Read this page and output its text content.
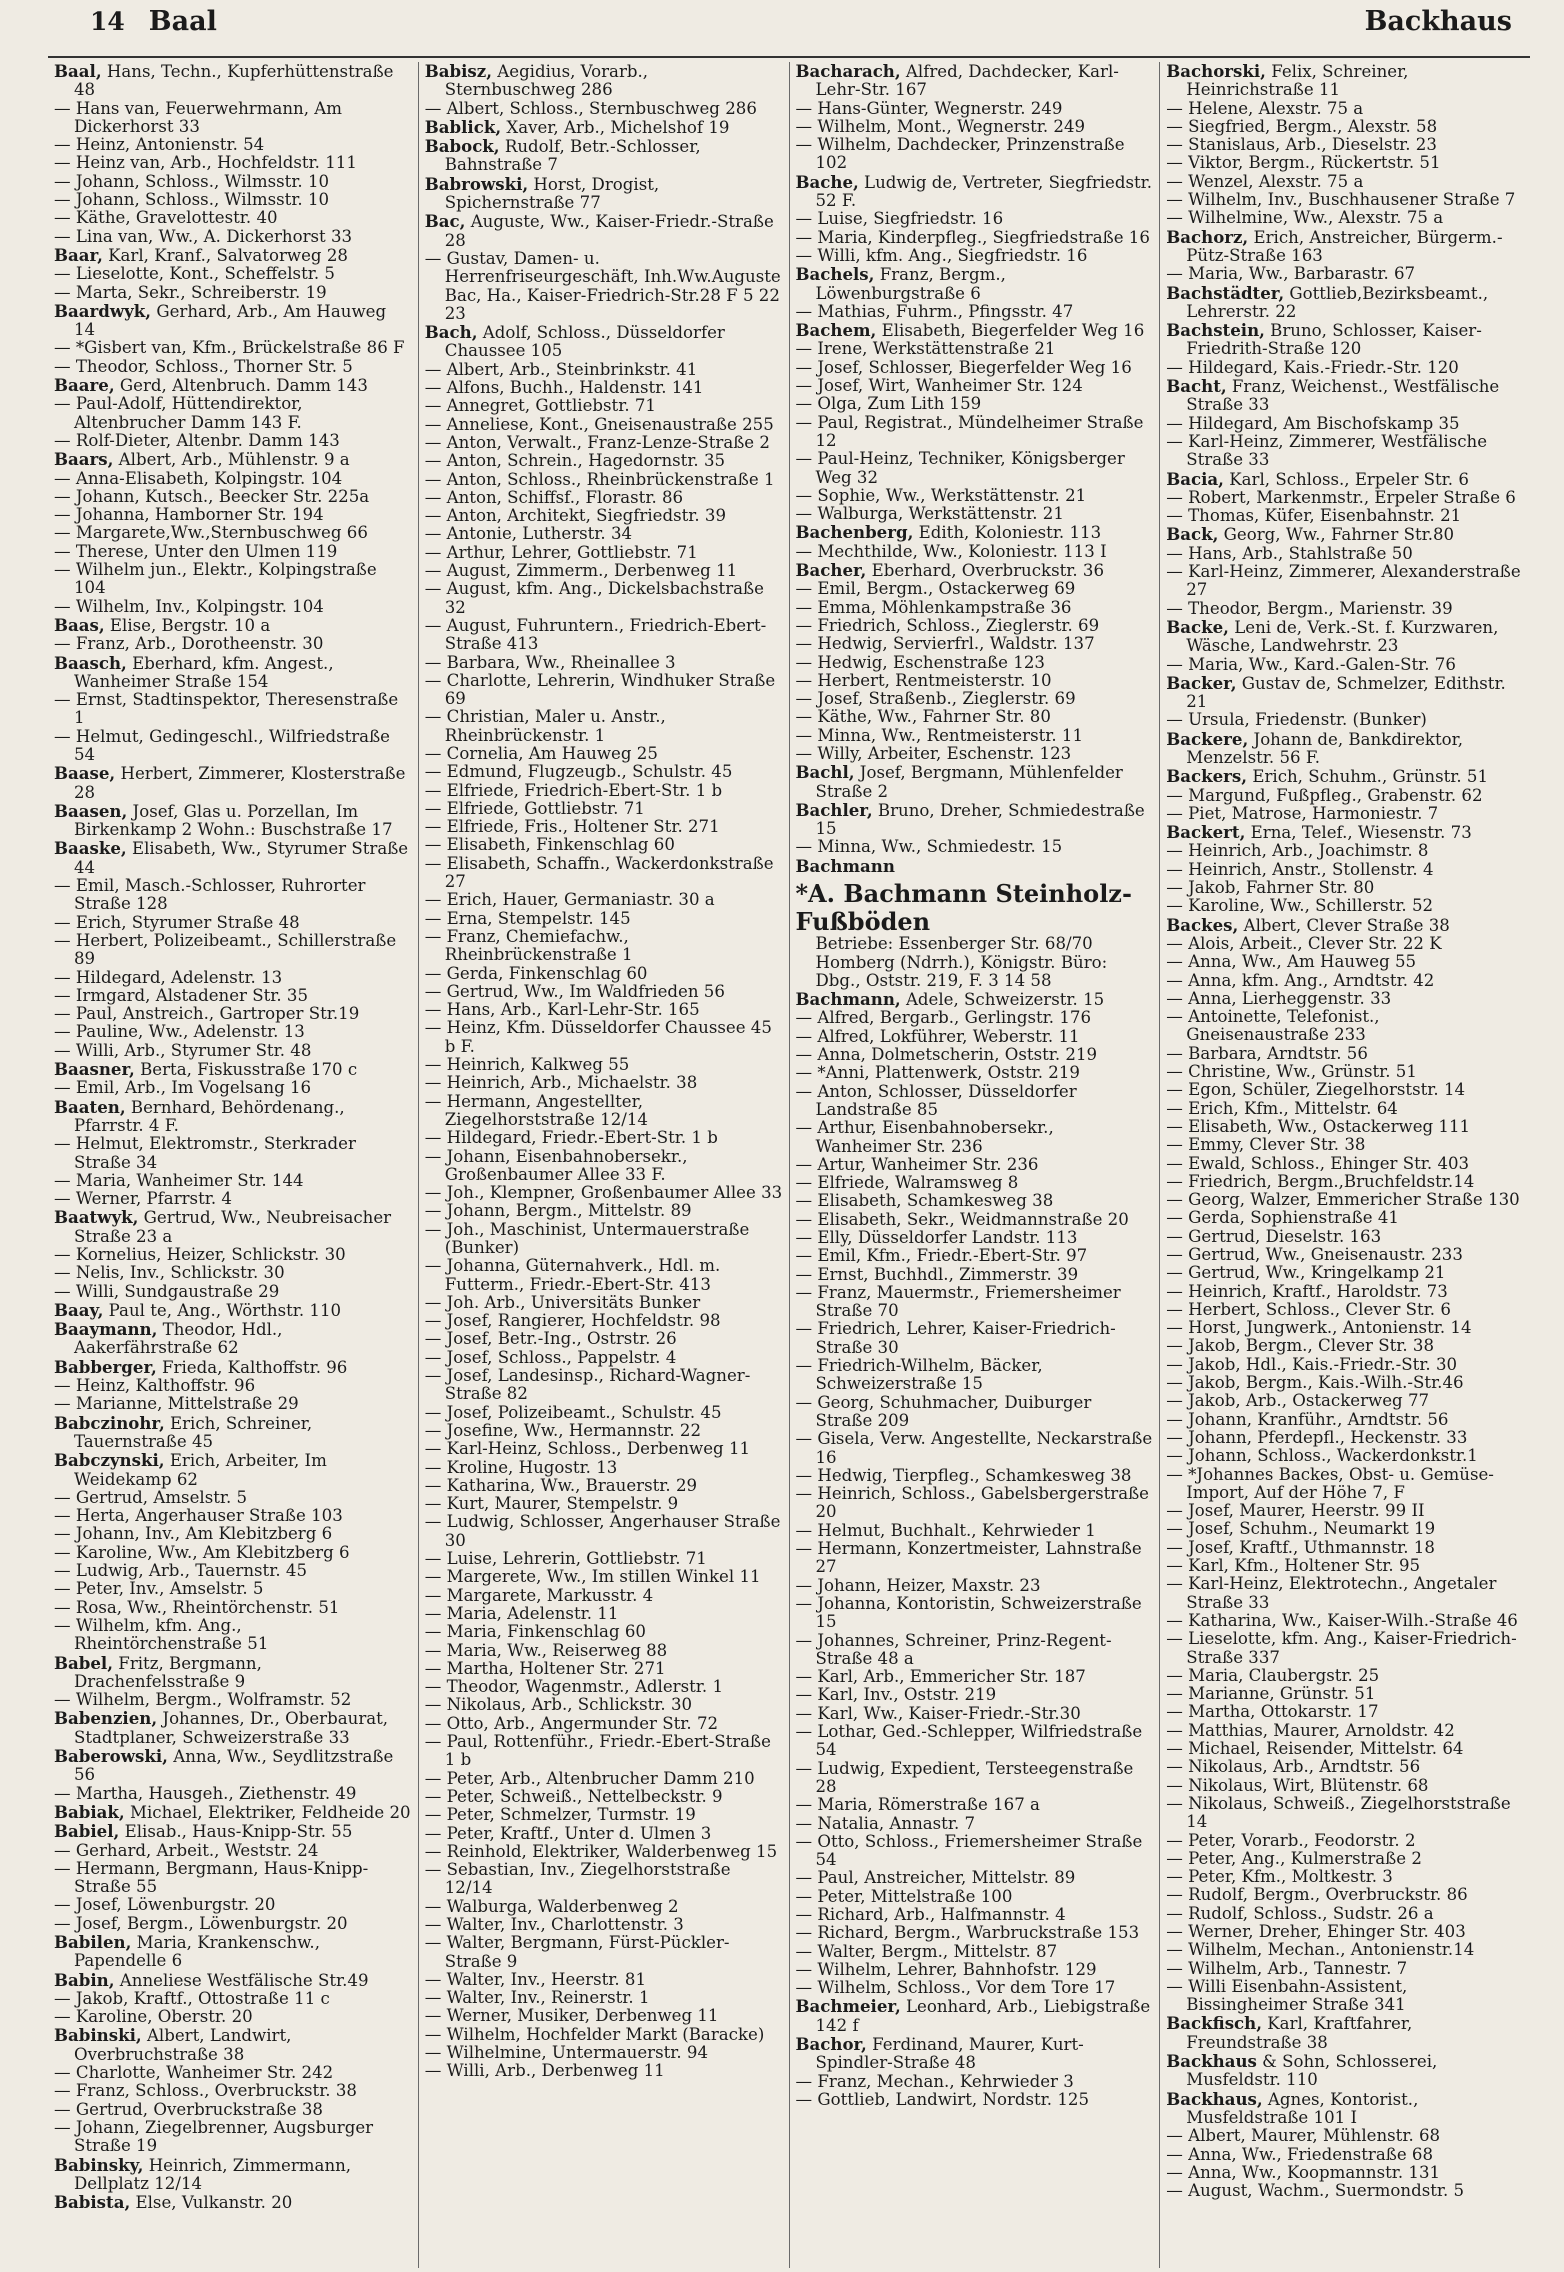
14 Baal	Backhaus

Baal, Hans, Techn., Kupferhüttenstraße 48

— Hans van, Feuerwehrmann, Am Dickerhorst 33

— Heinz, Antonienstr. 54

— Heinz van, Arb., Hochfeldstr. 111

— Johann, Schloss., Wilmsstr. 10

— Johann, Schloss., Wilmsstr. 10

— Käthe, Gravelottestr. 40

— Lina van, Ww., A. Dickerhorst 33

Baar, Karl, Kranf., Salvatorweg 28

— Lieselotte, Kont., Scheffelstr. 5

— Marta, Sekr., Schreiberstr. 19

Baardwyk, Gerhard, Arb., Am Hauweg 14

— *Gisbert van, Kfm., Brückelstraße 86 F

— Theodor, Schloss., Thorner Str. 5

Baare, Gerd, Altenbruch. Damm 143

— Paul-Adolf, Hüttendirektor, Altenbrucher Damm 143 F.

— Rolf-Dieter, Altenbr. Damm 143

Baars, Albert, Arb., Mühlenstr. 9 a

— Anna-Elisabeth, Kolpingstr. 104

— Johann, Kutsch., Beecker Str. 225a

— Johanna, Hamborner Str. 194

— Margarete,Ww.,Sternbuschweg 66

— Therese, Unter den Ulmen 119

— Wilhelm jun., Elektr., Kolpingstraße 104

— Wilhelm, Inv., Kolpingstr. 104

Baas, Elise, Bergstr. 10 a

— Franz, Arb., Dorotheenstr. 30

Baasch, Eberhard, kfm. Angest., Wanheimer Straße 154

— Ernst, Stadtinspektor, Theresenstraße 1

— Helmut, Gedingeschl., Wilfriedstraße 54

Baase, Herbert, Zimmerer, Klosterstraße 28

Baasen, Josef, Glas u. Porzellan, Im Birkenkamp 2 Wohn.: Buschstraße 17

Baaske, Elisabeth, Ww., Styrumer Straße 44

— Emil, Masch.-Schlosser, Ruhrorter Straße 128

— Erich, Styrumer Straße 48

— Herbert, Polizeibeamt., Schillerstraße 89

— Hildegard, Adelenstr. 13

— Irmgard, Alstadener Str. 35

— Paul, Anstreich., Gartroper Str.19

— Pauline, Ww., Adelenstr. 13

— Willi, Arb., Styrumer Str. 48

Baasner, Berta, Fiskusstraße 170 c

— Emil, Arb., Im Vogelsang 16

Baaten, Bernhard, Behördenang., Pfarrstr. 4 F.

— Helmut, Elektromstr., Sterkrader Straße 34

— Maria, Wanheimer Str. 144

— Werner, Pfarrstr. 4

Baatwyk, Gertrud, Ww., Neubreisacher Straße 23 a

— Kornelius, Heizer, Schlickstr. 30

— Nelis, Inv., Schlickstr. 30

— Willi, Sundgaustraße 29

Baay, Paul te, Ang., Wörthstr. 110

Baaymann, Theodor, Hdl., Aakerfährstraße 62

Babberger, Frieda, Kalthoffstr. 96

— Heinz, Kalthoffstr. 96

— Marianne, Mittelstraße 29

Babczinohr, Erich, Schreiner, Tauernstraße 45

Babczynski, Erich, Arbeiter, Im Weidekamp 62

— Gertrud, Amselstr. 5

— Herta, Angerhauser Straße 103

— Johann, Inv., Am Klebitzberg 6

— Karoline, Ww., Am Klebitzberg 6

— Ludwig, Arb., Tauernstr. 45

— Peter, Inv., Amselstr. 5

— Rosa, Ww., Rheintörchenstr. 51

— Wilhelm, kfm. Ang., Rheintörchenstraße 51

Babel, Fritz, Bergmann, Drachenfelsstraße 9

— Wilhelm, Bergm., Wolframstr. 52

Babenzien, Johannes, Dr., Oberbaurat, Stadtplaner, Schweizerstraße 33

Baberowski, Anna, Ww., Seydlitzstraße 56

— Martha, Hausgeh., Ziethenstr. 49

Babiak, Michael, Elektriker, Feldheide 20

Babiel, Elisab., Haus-Knipp-Str. 55

— Gerhard, Arbeit., Weststr. 24

— Hermann, Bergmann, Haus-Knipp-Straße 55

— Josef, Löwenburgstr. 20

— Josef, Bergm., Löwenburgstr. 20

Babilen, Maria, Krankenschw., Papendelle 6

Babin, Anneliese Westfälische Str.49

— Jakob, Kraftf., Ottostraße 11 c

— Karoline, Oberstr. 20

Babinski, Albert, Landwirt, Overbruchstraße 38

— Charlotte, Wanheimer Str. 242

— Franz, Schloss., Overbruckstr. 38

— Gertrud, Overbruckstraße 38

— Johann, Ziegelbrenner, Augsburger Straße 19

Babinsky, Heinrich, Zimmermann, Dellplatz 12/14

Babista, Else, Vulkanstr. 20

Babisz, Aegidius, Vorarb., Sternbuschweg 286

— Albert, Schloss., Sternbuschweg 286

Bablick, Xaver, Arb., Michelshof 19

Babock, Rudolf, Betr.-Schlosser, Bahnstraße 7

Babrowski, Horst, Drogist, Spichernstraße 77

Bac, Auguste, Ww., Kaiser-Friedr.-Straße 28

— Gustav, Damen- u. Herrenfriseurgeschäft, Inh.Ww.Auguste Bac, Ha., Kaiser-Friedrich-Str.28 F 5 22 23

Bach, Adolf, Schloss., Düsseldorfer Chaussee 105

— Albert, Arb., Steinbrinkstr. 41

— Alfons, Buchh., Haldenstr. 141

— Annegret, Gottliebstr. 71

— Anneliese, Kont., Gneisenaustraße 255

— Anton, Verwalt., Franz-Lenze-Straße 2

— Anton, Schrein., Hagedornstr. 35

— Anton, Schloss., Rheinbrückenstraße 1

— Anton, Schiffsf., Florastr. 86

— Anton, Architekt, Siegfriedstr. 39

— Antonie, Lutherstr. 34

— Arthur, Lehrer, Gottliebstr. 71

— August, Zimmerm., Derbenweg 11

— August, kfm. Ang., Dickelsbachstraße 32

— August, Fuhruntern., Friedrich-Ebert-Straße 413

— Barbara, Ww., Rheinallee 3

— Charlotte, Lehrerin, Windhuker Straße 69

— Christian, Maler u. Anstr., Rheinbrückenstr. 1

— Cornelia, Am Hauweg 25

— Edmund, Flugzeugb., Schulstr. 45

— Elfriede, Friedrich-Ebert-Str. 1 b

— Elfriede, Gottliebstr. 71

— Elfriede, Fris., Holtener Str. 271

— Elisabeth, Finkenschlag 60

— Elisabeth, Schaffn., Wackerdonkstraße 27

— Erich, Hauer, Germaniastr. 30 a

— Erna, Stempelstr. 145

— Franz, Chemiefachw., Rheinbrückenstraße 1

— Gerda, Finkenschlag 60

— Gertrud, Ww., Im Waldfrieden 56

— Hans, Arb., Karl-Lehr-Str. 165

— Heinz, Kfm. Düsseldorfer Chaussee 45 b F.

— Heinrich, Kalkweg 55

— Heinrich, Arb., Michaelstr. 38

— Hermann, Angestellter, Ziegelhorststraße 12/14

— Hildegard, Friedr.-Ebert-Str. 1 b

— Johann, Eisenbahnobersekr., Großenbaumer Allee 33 F.

— Joh., Klempner, Großenbaumer Allee 33

— Johann, Bergm., Mittelstr. 89

— Joh., Maschinist, Untermauerstraße (Bunker)

— Johanna, Güternahverk., Hdl. m. Futterm., Friedr.-Ebert-Str. 413

— Joh. Arb., Universitäts Bunker

— Josef, Rangierer, Hochfeldstr. 98

— Josef, Betr.-Ing., Ostrstr. 26

— Josef, Schloss., Pappelstr. 4

— Josef, Landesinsp., Richard-Wagner-Straße 82

— Josef, Polizeibeamt., Schulstr. 45

— Josefine, Ww., Hermannstr. 22

— Karl-Heinz, Schloss., Derbenweg 11

— Kroline, Hugostr. 13

— Katharina, Ww., Brauerstr. 29

— Kurt, Maurer, Stempelstr. 9

— Ludwig, Schlosser, Angerhauser Straße 30

— Luise, Lehrerin, Gottliebstr. 71

— Margerete, Ww., Im stillen Winkel 11

— Margarete, Markusstr. 4

— Maria, Adelenstr. 11

— Maria, Finkenschlag 60

— Maria, Ww., Reiserweg 88

— Martha, Holtener Str. 271

— Theodor, Wagenmstr., Adlerstr. 1

— Nikolaus, Arb., Schlickstr. 30

— Otto, Arb., Angermunder Str. 72

— Paul, Rottenführ., Friedr.-Ebert-Straße 1 b

— Peter, Arb., Altenbrucher Damm 210

— Peter, Schweiß., Nettelbeckstr. 9

— Peter, Schmelzer, Turmstr. 19

— Peter, Kraftf., Unter d. Ulmen 3

— Reinhold, Elektriker, Walderbenweg 15

— Sebastian, Inv., Ziegelhorststraße 12/14

— Walburga, Walderbenweg 2

— Walter, Inv., Charlottenstr. 3

— Walter, Bergmann, Fürst-Pückler-Straße 9

— Walter, Inv., Heerstr. 81

— Walter, Inv., Reinerstr. 1

— Werner, Musiker, Derbenweg 11

— Wilhelm, Hochfelder Markt (Baracke)

— Wilhelmine, Untermauerstr. 94

— Willi, Arb., Derbenweg 11

Bacharach, Alfred, Dachdecker, Karl-Lehr-Str. 167

— Hans-Günter, Wegnerstr. 249

— Wilhelm, Mont., Wegnerstr. 249

— Wilhelm, Dachdecker, Prinzenstraße 102

Bache, Ludwig de, Vertreter, Siegfriedstr. 52 F.

— Luise, Siegfriedstr. 16

— Maria, Kinderpfleg., Siegfriedstraße 16

— Willi, kfm. Ang., Siegfriedstr. 16

Bachels, Franz, Bergm., Löwenburgstraße 6

— Mathias, Fuhrm., Pfingsstr. 47

Bachem, Elisabeth, Biegerfelder Weg 16

— Irene, Werkstättenstraße 21

— Josef, Schlosser, Biegerfelder Weg 16

— Josef, Wirt, Wanheimer Str. 124

— Olga, Zum Lith 159

— Paul, Registrat., Mündelheimer Straße 12

— Paul-Heinz, Techniker, Königsberger Weg 32

— Sophie, Ww., Werkstättenstr. 21

— Walburga, Werkstättenstr. 21

Bachenberg, Edith, Koloniestr. 113

— Mechthilde, Ww., Koloniestr. 113 I

Bacher, Eberhard, Overbruckstr. 36

— Emil, Bergm., Ostackerweg 69

— Emma, Möhlenkampstraße 36

— Friedrich, Schloss., Zieglerstr. 69

— Hedwig, Servierfrl., Waldstr. 137

— Hedwig, Eschenstraße 123

— Herbert, Rentmeisterstr. 10

— Josef, Straßenb., Zieglerstr. 69

— Käthe, Ww., Fahrner Str. 80

— Minna, Ww., Rentmeisterstr. 11

— Willy, Arbeiter, Eschenstr. 123

Bachl, Josef, Bergmann, Mühlenfelder Straße 2

Bachler, Bruno, Dreher, Schmiedestraße 15

— Minna, Ww., Schmiedestr. 15

Bachmann

*A. Bachmann Steinholz-Fußböden
Betriebe: Essenberger Str. 68/70 Homberg (Ndrrh.), Königstr. Büro: Dbg., Oststr. 219, F. 3 14 58

Bachmann, Adele, Schweizerstr. 15

— Alfred, Bergarb., Gerlingstr. 176

— Alfred, Lokführer, Weberstr. 11

— Anna, Dolmetscherin, Oststr. 219

— *Anni, Plattenwerk, Oststr. 219

— Anton, Schlosser, Düsseldorfer Landstraße 85

— Arthur, Eisenbahnobersekr., Wanheimer Str. 236

— Artur, Wanheimer Str. 236

— Elfriede, Walramsweg 8

— Elisabeth, Schamkesweg 38

— Elisabeth, Sekr., Weidmannstraße 20

— Elly, Düsseldorfer Landstr. 113

— Emil, Kfm., Friedr.-Ebert-Str. 97

— Ernst, Buchhdl., Zimmerstr. 39

— Franz, Mauermstr., Friemersheimer Straße 70

— Friedrich, Lehrer, Kaiser-Friedrich-Straße 30

— Friedrich-Wilhelm, Bäcker, Schweizerstraße 15

— Georg, Schuhmacher, Duiburger Straße 209

— Gisela, Verw. Angestellte, Neckarstraße 16

— Hedwig, Tierpfleg., Schamkesweg 38

— Heinrich, Schloss., Gabelsbergerstraße 20

— Helmut, Buchhalt., Kehrwieder 1

— Hermann, Konzertmeister, Lahnstraße 27

— Johann, Heizer, Maxstr. 23

— Johanna, Kontoristin, Schweizerstraße 15

— Johannes, Schreiner, Prinz-Regent-Straße 48 a

— Karl, Arb., Emmericher Str. 187

— Karl, Inv., Oststr. 219

— Karl, Ww., Kaiser-Friedr.-Str.30

— Lothar, Ged.-Schlepper, Wilfriedstraße 54

— Ludwig, Expedient, Tersteegenstraße 28

— Maria, Römerstraße 167 a

— Natalia, Annastr. 7

— Otto, Schloss., Friemersheimer Straße 54

— Paul, Anstreicher, Mittelstr. 89

— Peter, Mittelstraße 100

— Richard, Arb., Halfmannstr. 4

— Richard, Bergm., Warbruckstraße 153

— Walter, Bergm., Mittelstr. 87

— Wilhelm, Lehrer, Bahnhofstr. 129

— Wilhelm, Schloss., Vor dem Tore 17

Bachmeier, Leonhard, Arb., Liebigstraße 142 f

Bachor, Ferdinand, Maurer, Kurt-Spindler-Straße 48

— Franz, Mechan., Kehrwieder 3

— Gottlieb, Landwirt, Nordstr. 125

Bachorski, Felix, Schreiner, Heinrichstraße 11

— Helene, Alexstr. 75 a

— Siegfried, Bergm., Alexstr. 58

— Stanislaus, Arb., Dieselstr. 23

— Viktor, Bergm., Rückertstr. 51

— Wenzel, Alexstr. 75 a

— Wilhelm, Inv., Buschhausener Straße 7

— Wilhelmine, Ww., Alexstr. 75 a

Bachorz, Erich, Anstreicher, Bürgerm.-Pütz-Straße 163

— Maria, Ww., Barbarastr. 67

Bachstädter, Gottlieb,Bezirksbeamt., Lehrerstr. 22

Bachstein, Bruno, Schlosser, Kaiser-Friedrith-Straße 120

— Hildegard, Kais.-Friedr.-Str. 120

Bacht, Franz, Weichenst., Westfälische Straße 33

— Hildegard, Am Bischofskamp 35

— Karl-Heinz, Zimmerer, Westfälische Straße 33

Bacia, Karl, Schloss., Erpeler Str. 6

— Robert, Markenmstr., Erpeler Straße 6

— Thomas, Küfer, Eisenbahnstr. 21

Back, Georg, Ww., Fahrner Str.80

— Hans, Arb., Stahlstraße 50

— Karl-Heinz, Zimmerer, Alexanderstraße 27

— Theodor, Bergm., Marienstr. 39

Backe, Leni de, Verk.-St. f. Kurzwaren, Wäsche, Landwehrstr. 23

— Maria, Ww., Kard.-Galen-Str. 76

Backer, Gustav de, Schmelzer, Edithstr. 21

— Ursula, Friedenstr. (Bunker)

Backere, Johann de, Bankdirektor, Menzelstr. 56 F.

Backers, Erich, Schuhm., Grünstr. 51

— Margund, Fußpfleg., Grabenstr. 62

— Piet, Matrose, Harmoniestr. 7

Backert, Erna, Telef., Wiesenstr. 73

— Heinrich, Arb., Joachimstr. 8

— Heinrich, Anstr., Stollenstr. 4

— Jakob, Fahrner Str. 80

— Karoline, Ww., Schillerstr. 52

Backes, Albert, Clever Straße 38

— Alois, Arbeit., Clever Str. 22 K

— Anna, Ww., Am Hauweg 55

— Anna, kfm. Ang., Arndtstr. 42

— Anna, Lierheggenstr. 33

— Antoinette, Telefonist., Gneisenaustraße 233

— Barbara, Arndtstr. 56

— Christine, Ww., Grünstr. 51

— Egon, Schüler, Ziegelhorststr. 14

— Erich, Kfm., Mittelstr. 64

— Elisabeth, Ww., Ostackerweg 111

— Emmy, Clever Str. 38

— Ewald, Schloss., Ehinger Str. 403

— Friedrich, Bergm.,Bruchfeldstr.14

— Georg, Walzer, Emmericher Straße 130

— Gerda, Sophienstraße 41

— Gertrud, Dieselstr. 163

— Gertrud, Ww., Gneisenaustr. 233

— Gertrud, Ww., Kringelkamp 21

— Heinrich, Kraftf., Haroldstr. 73

— Herbert, Schloss., Clever Str. 6

— Horst, Jungwerk., Antonienstr. 14

— Jakob, Bergm., Clever Str. 38

— Jakob, Hdl., Kais.-Friedr.-Str. 30

— Jakob, Bergm., Kais.-Wilh.-Str.46

— Jakob, Arb., Ostackerweg 77

— Johann, Kranführ., Arndtstr. 56

— Johann, Pferdepfl., Heckenstr. 33

— Johann, Schloss., Wackerdonkstr.1

— *Johannes Backes, Obst- u. Gemüse-Import, Auf der Höhe 7, F

— Josef, Maurer, Heerstr. 99 II

— Josef, Schuhm., Neumarkt 19

— Josef, Kraftf., Uthmannstr. 18

— Karl, Kfm., Holtener Str. 95

— Karl-Heinz, Elektrotechn., Angetaler Straße 33

— Katharina, Ww., Kaiser-Wilh.-Straße 46

— Lieselotte, kfm. Ang., Kaiser-Friedrich-Straße 337

— Maria, Claubergstr. 25

— Marianne, Grünstr. 51

— Martha, Ottokarstr. 17

— Matthias, Maurer, Arnoldstr. 42

— Michael, Reisender, Mittelstr. 64

— Nikolaus, Arb., Arndtstr. 56

— Nikolaus, Wirt, Blütenstr. 68

— Nikolaus, Schweiß., Ziegelhorststraße 14

— Peter, Vorarb., Feodorstr. 2

— Peter, Ang., Kulmerstraße 2

— Peter, Kfm., Moltkestr. 3

— Rudolf, Bergm., Overbruckstr. 86

— Rudolf, Schloss., Sudstr. 26 a

— Werner, Dreher, Ehinger Str. 403

— Wilhelm, Mechan., Antonienstr.14

— Wilhelm, Arb., Tannestr. 7

— Willi Eisenbahn-Assistent, Bissingheimer Straße 341

Backfisch, Karl, Kraftfahrer, Freundstraße 38

Backhaus & Sohn, Schlosserei, Musfeldstr. 110

Backhaus, Agnes, Kontorist., Musfeldstraße 101 I

— Albert, Maurer, Mühlenstr. 68

— Anna, Ww., Friedenstraße 68

— Anna, Ww., Koopmannstr. 131

— August, Wachm., Suermondstr. 5
